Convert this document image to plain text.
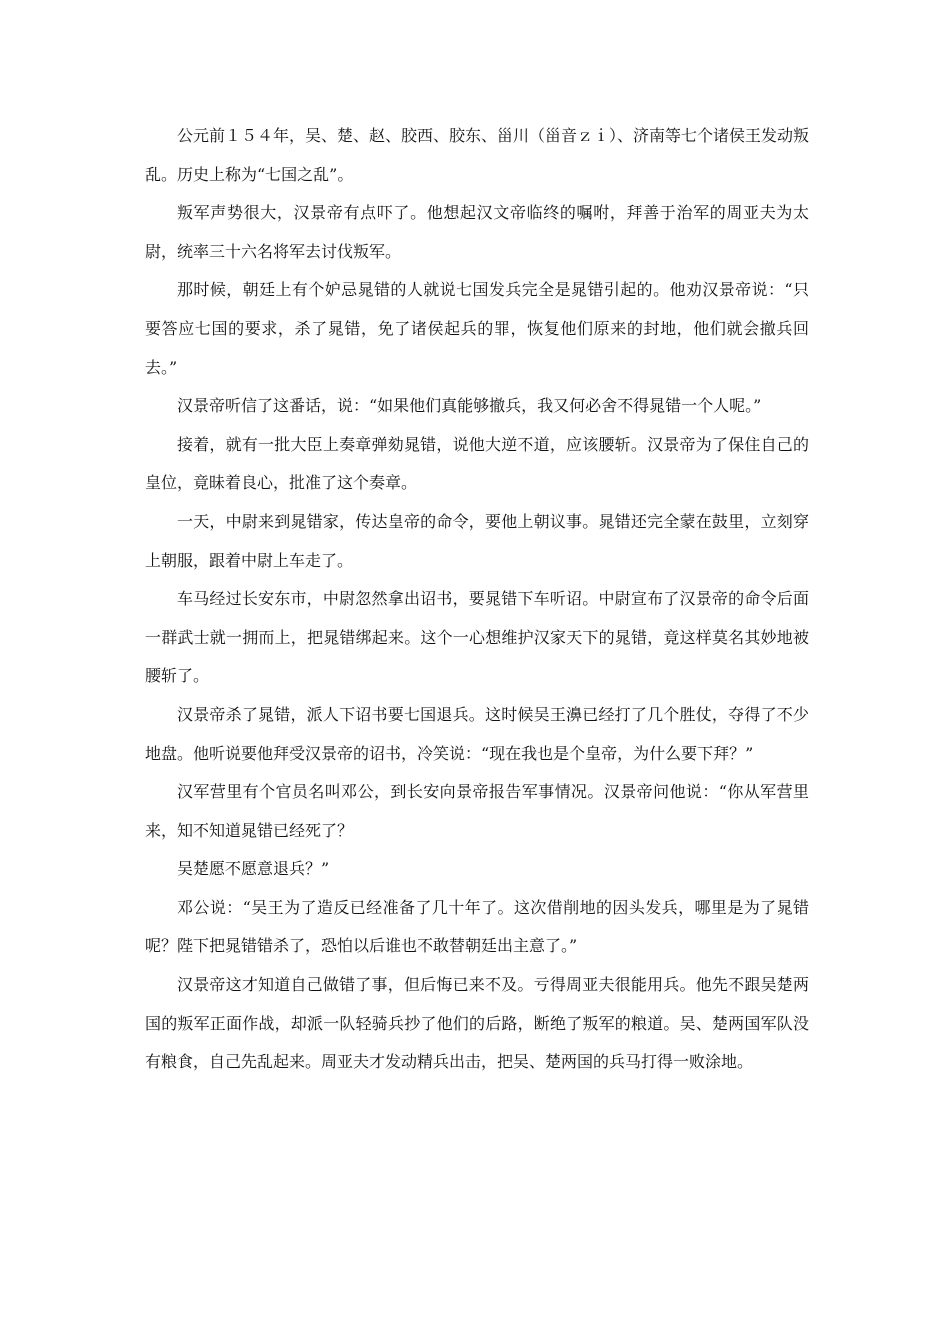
公元前１５４年，吴、楚、赵、胶西、胶东、甾川（甾音ｚｉ）、济南等七个诸侯王发动叛乱。历史上称为“七国之乱”。

叛军声势很大，汉景帝有点吓了。他想起汉文帝临终的嘱咐，拜善于治军的周亚夫为太尉，统率三十六名将军去讨伐叛军。

那时候，朝廷上有个妒忌晁错的人就说七国发兵完全是晁错引起的。他劝汉景帝说：“只要答应七国的要求，杀了晁错，免了诸侯起兵的罪，恢复他们原来的封地，他们就会撤兵回去。”

汉景帝听信了这番话，说：“如果他们真能够撤兵，我又何必舍不得晁错一个人呢。”

接着，就有一批大臣上奏章弹劾晁错，说他大逆不道，应该腰斩。汉景帝为了保住自己的皇位，竟昧着良心，批准了这个奏章。

一天，中尉来到晁错家，传达皇帝的命令，要他上朝议事。晁错还完全蒙在鼓里，立刻穿上朝服，跟着中尉上车走了。

车马经过长安东市，中尉忽然拿出诏书，要晁错下车听诏。中尉宣布了汉景帝的命令后面一群武士就一拥而上，把晁错绑起来。这个一心想维护汉家天下的晁错，竟这样莫名其妙地被腰斩了。

汉景帝杀了晁错，派人下诏书要七国退兵。这时候吴王濞已经打了几个胜仗，夺得了不少地盘。他听说要他拜受汉景帝的诏书，冷笑说：“现在我也是个皇帝，为什么要下拜？”

汉军营里有个官员名叫邓公，到长安向景帝报告军事情况。汉景帝问他说：“你从军营里来，知不知道晁错已经死了？

吴楚愿不愿意退兵？”

邓公说：“吴王为了造反已经准备了几十年了。这次借削地的因头发兵，哪里是为了晁错呢？陛下把晁错错杀了，恐怕以后谁也不敢替朝廷出主意了。”

汉景帝这才知道自己做错了事，但后悔已来不及。亏得周亚夫很能用兵。他先不跟吴楚两国的叛军正面作战，却派一队轻骑兵抄了他们的后路，断绝了叛军的粮道。吴、楚两国军队没有粮食，自己先乱起来。周亚夫才发动精兵出击，把吴、楚两国的兵马打得一败涂地。
